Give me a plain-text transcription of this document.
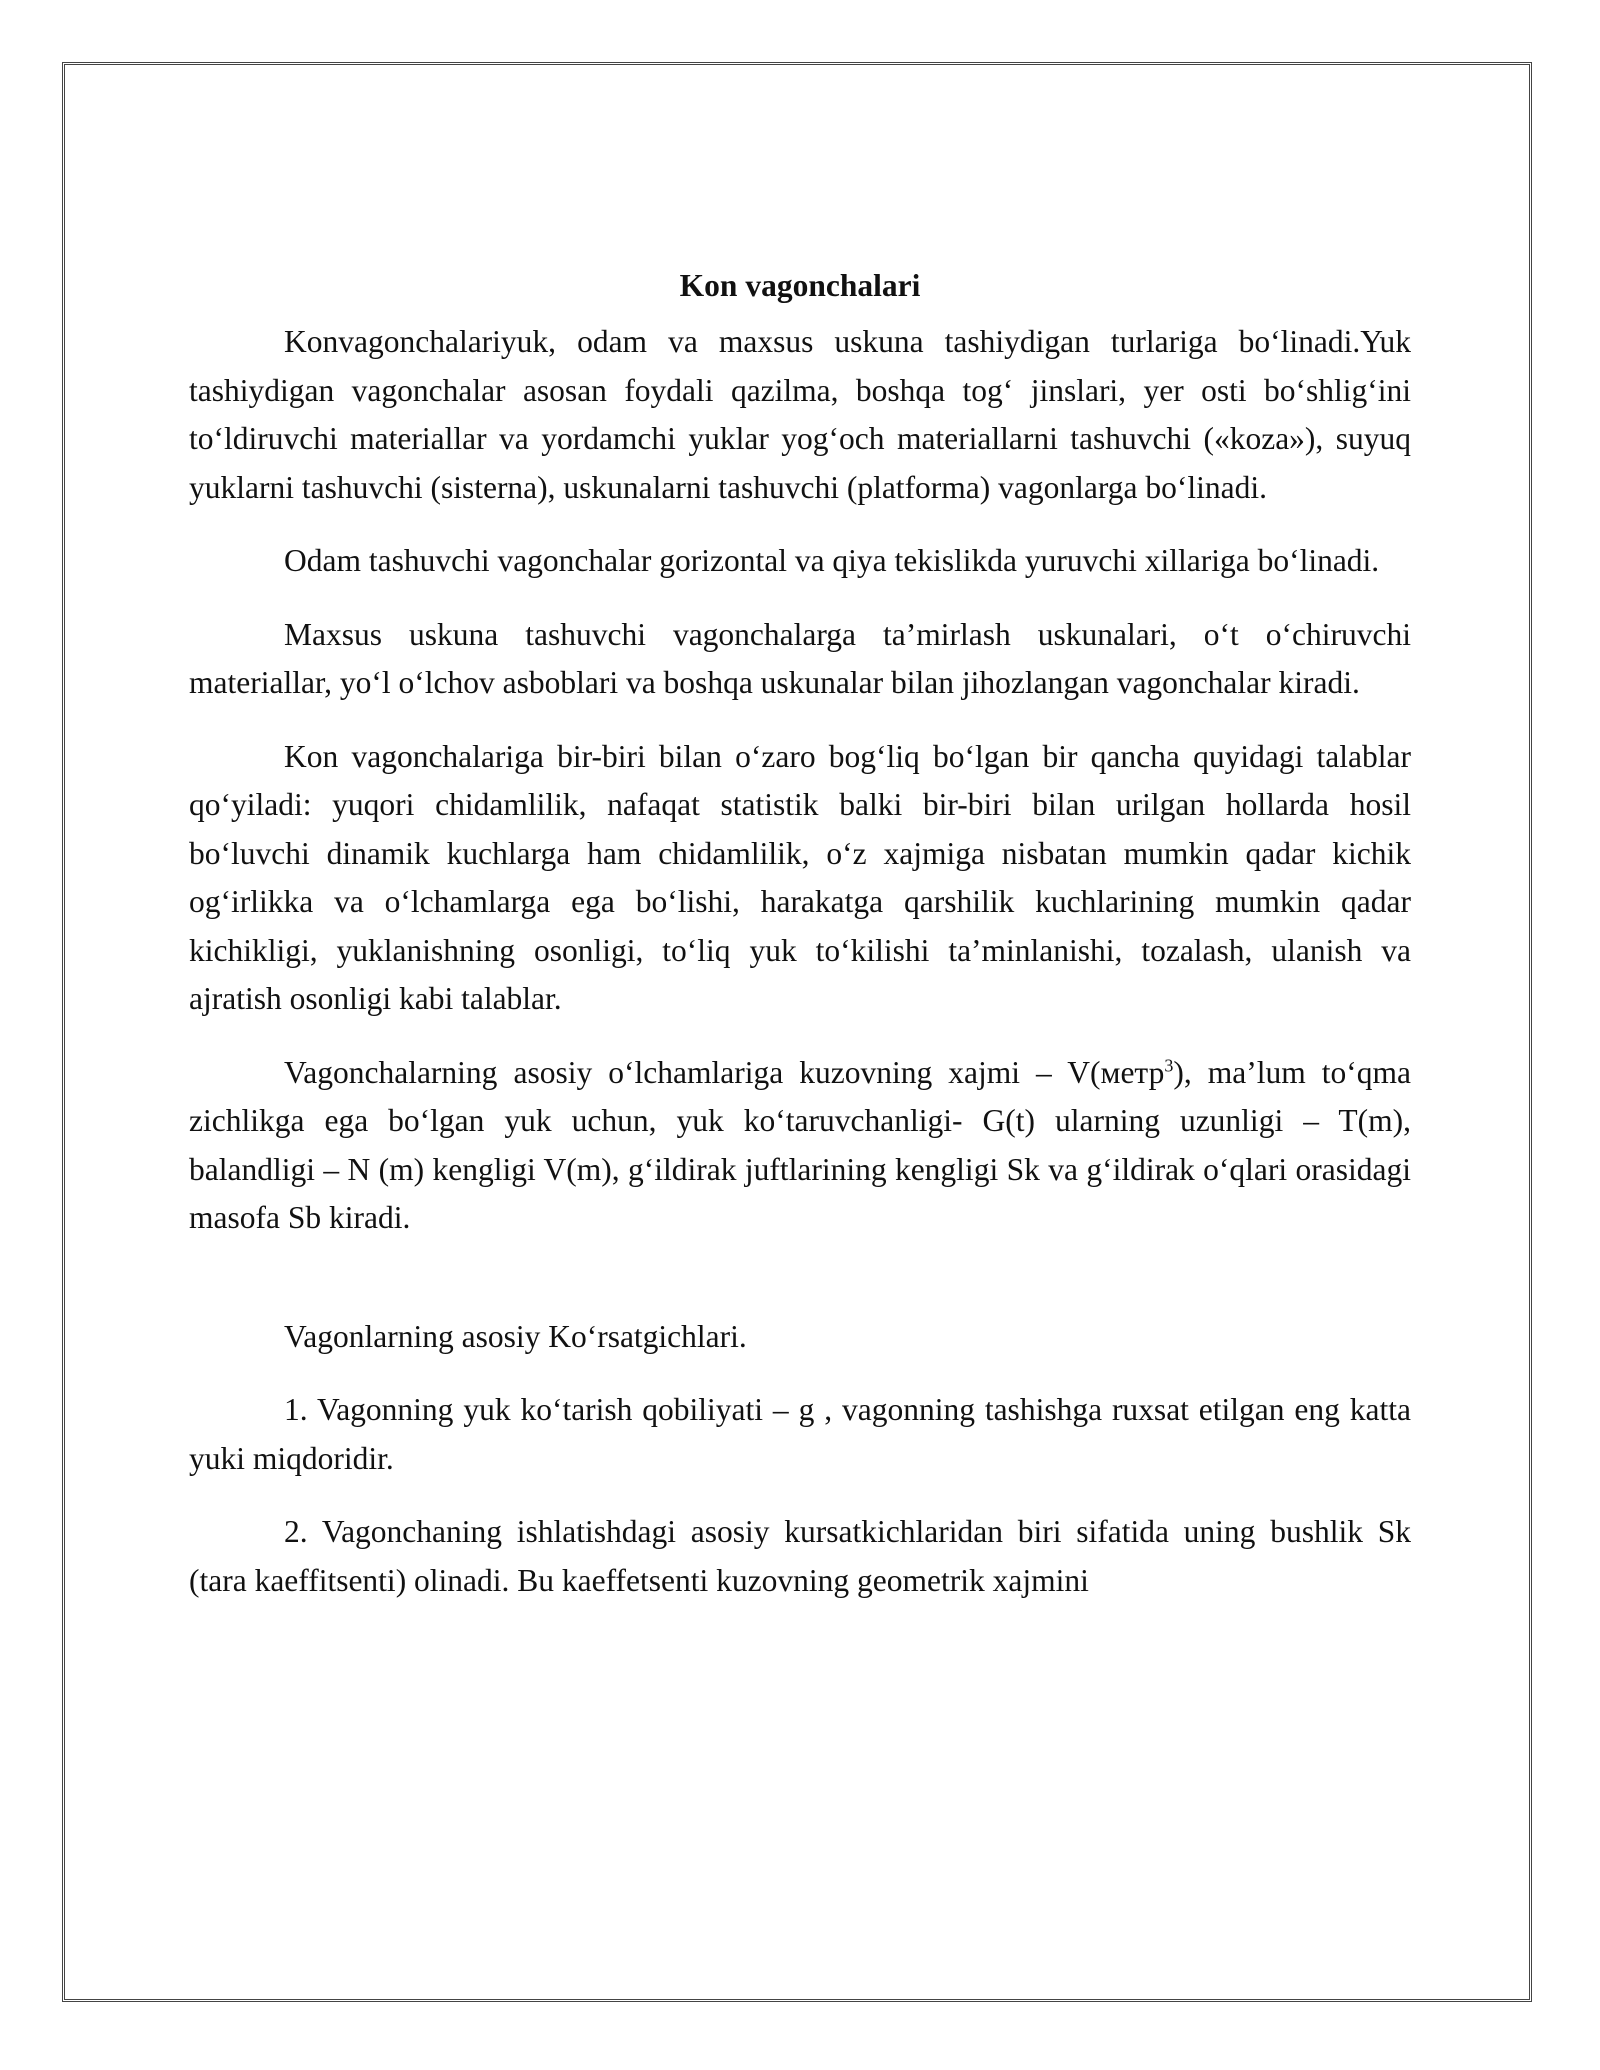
Kon vagonchalari

Konvagonchalariyuk, odam va maxsus uskuna tashiydigan turlariga bo‘linadi.Yuk tashiydigan vagonchalar asosan foydali qazilma, boshqa tog‘ jinslari, yer osti bo‘shlig‘ini to‘ldiruvchi materiallar va yordamchi yuklar yog‘och materiallarni tashuvchi («koza»), suyuq yuklarni tashuvchi (sisterna), uskunalarni tashuvchi (platforma) vagonlarga bo‘linadi.

Odam tashuvchi vagonchalar gorizontal va qiya tekislikda yuruvchi xillariga bo‘linadi.

Maxsus uskuna tashuvchi vagonchalarga ta’mirlash uskunalari, o‘t o‘chiruvchi materiallar, yo‘l o‘lchov asboblari va boshqa uskunalar bilan jihozlangan vagonchalar kiradi.

Kon vagonchalariga bir-biri bilan o‘zaro bog‘liq bo‘lgan bir qancha quyidagi talablar qo‘yiladi: yuqori chidamlilik, nafaqat statistik balki bir-biri bilan urilgan hollarda hosil bo‘luvchi dinamik kuchlarga ham chidamlilik, o‘z xajmiga nisbatan mumkin qadar kichik og‘irlikka va o‘lchamlarga ega bo‘lishi, harakatga qarshilik kuchlarining mumkin qadar kichikligi, yuklanishning osonligi, to‘liq yuk to‘kilishi ta’minlanishi, tozalash, ulanish va ajratish osonligi kabi talablar.

Vagonchalarning asosiy o‘lchamlariga kuzovning xajmi – V(метр$^3$), ma’lum to‘qma zichlikga ega bo‘lgan yuk uchun, yuk ko‘taruvchanligi- G(t) ularning uzunligi – T(m), balandligi – N (m) kengligi V(m), g‘ildirak juftlarining kengligi Sk va g‘ildirak o‘qlari orasidagi masofa Sb kiradi.

Vagonlarning asosiy Ko‘rsatgichlari.

1. Vagonning yuk ko‘tarish qobiliyati – g , vagonning tashishga ruxsat etilgan eng katta yuki miqdoridir.

2. Vagonchaning ishlatishdagi asosiy kursatkichlaridan biri sifatida uning bushlik Sk (tara kaeffitsenti) olinadi. Bu kaeffetsenti kuzovning geometrik xajmini
